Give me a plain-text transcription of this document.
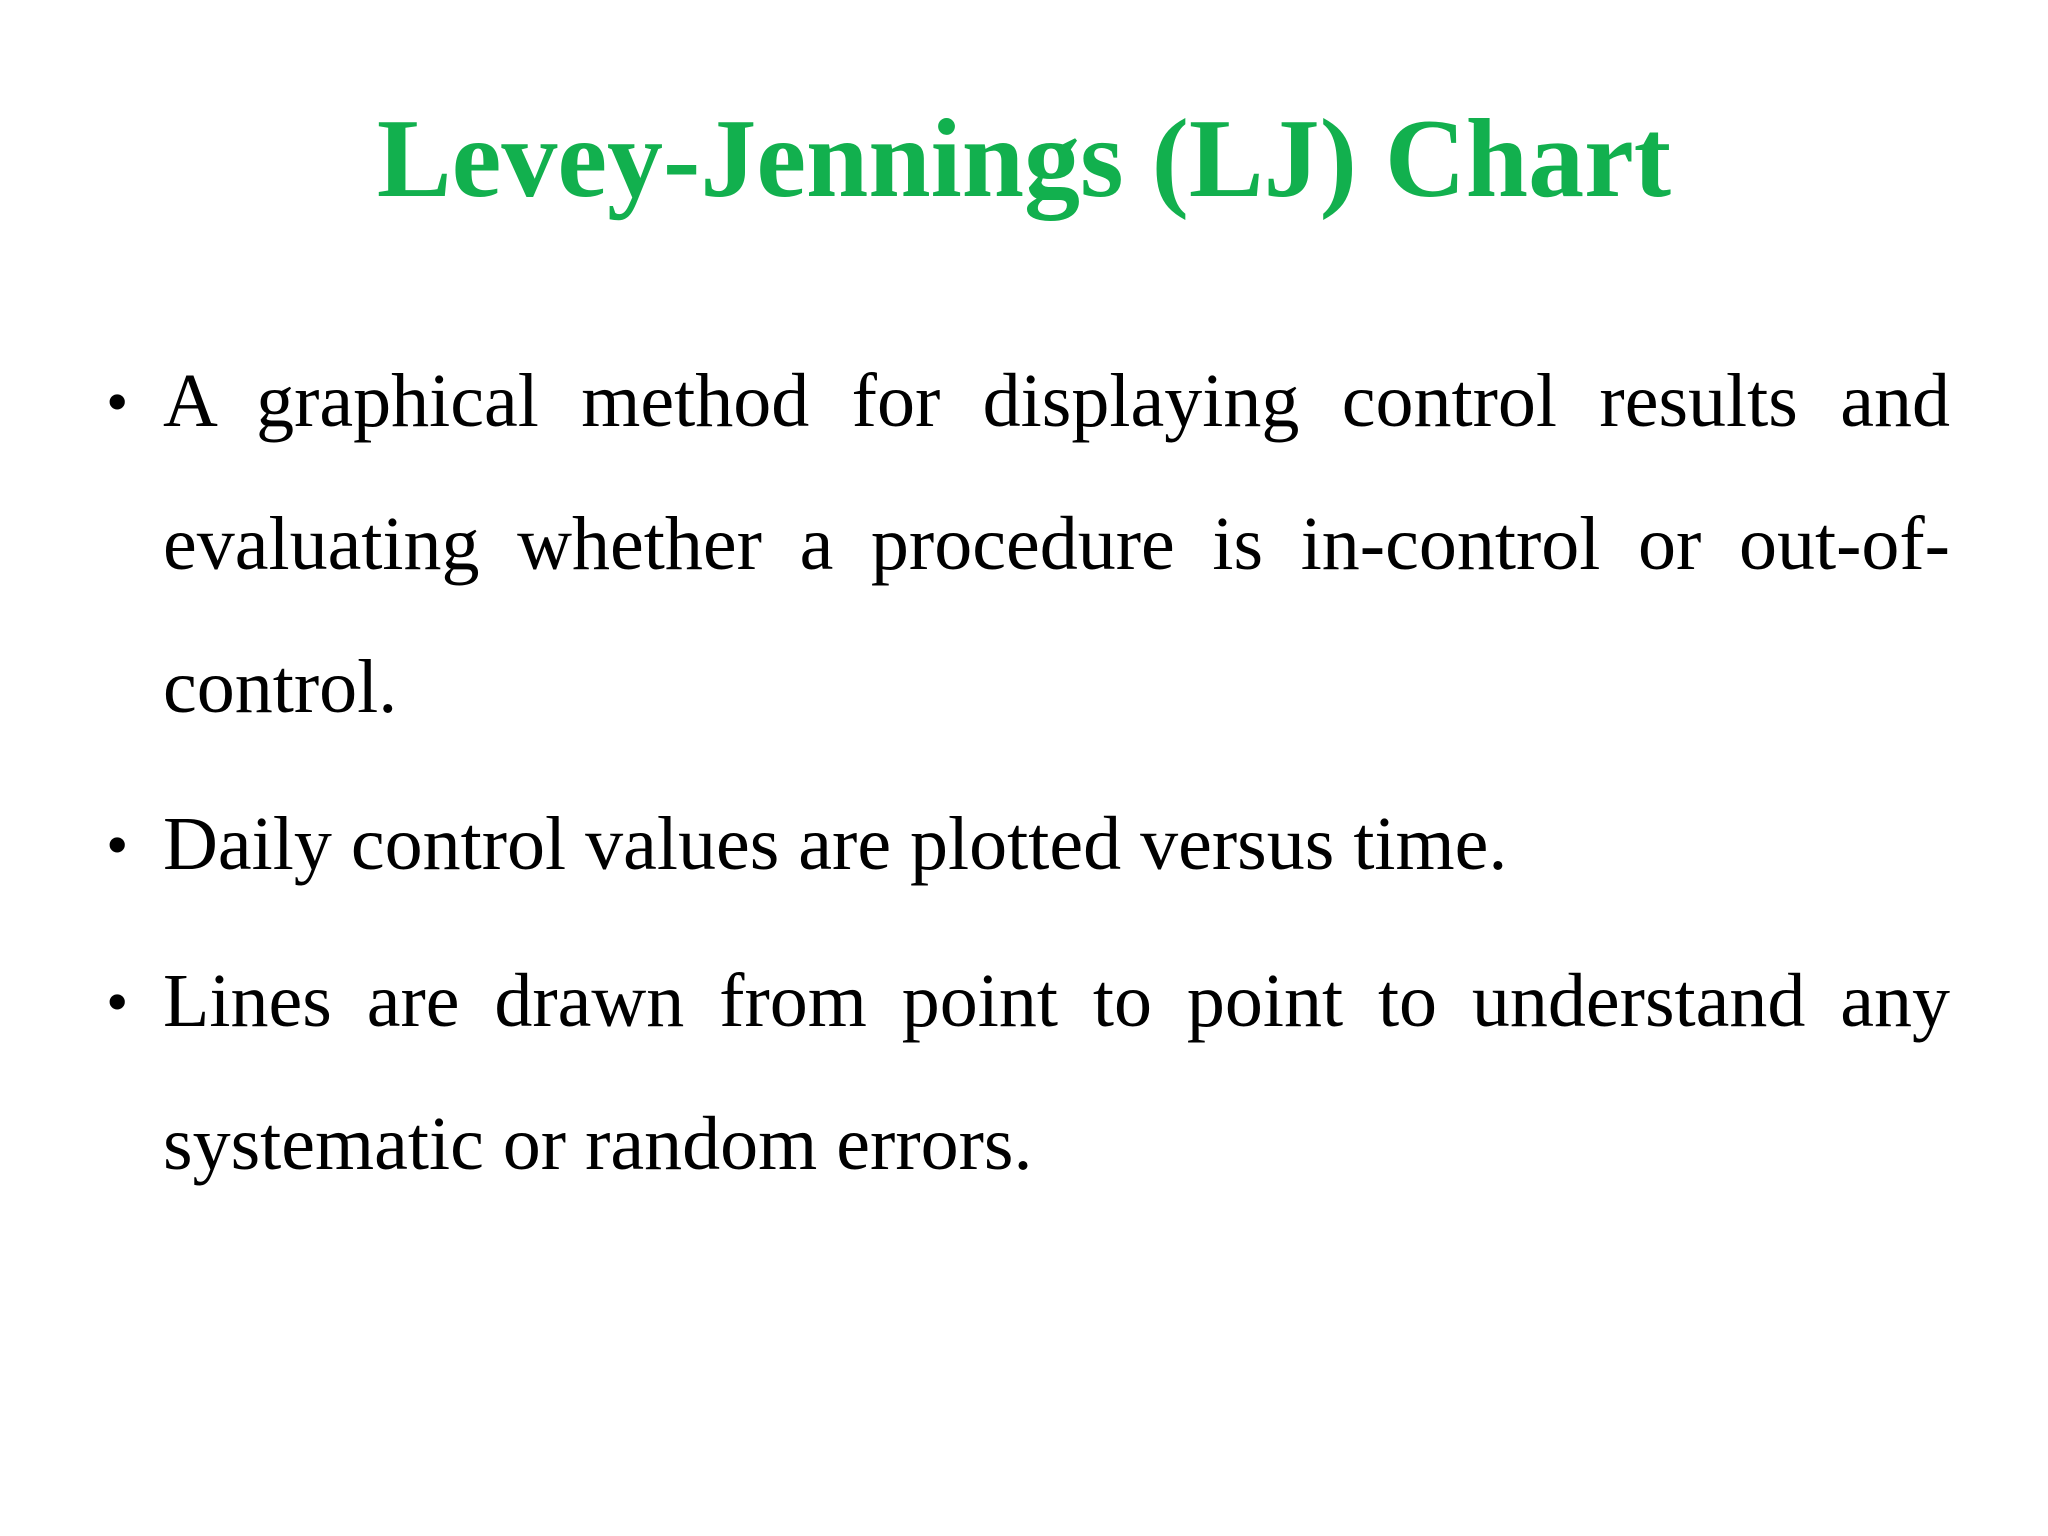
Levey-Jennings (LJ) Chart
• A graphical method for displaying control results and evaluating whether a procedure is in-control or out-of-control.
• Daily control values are plotted versus time.
• Lines are drawn from point to point to understand any systematic or random errors.
